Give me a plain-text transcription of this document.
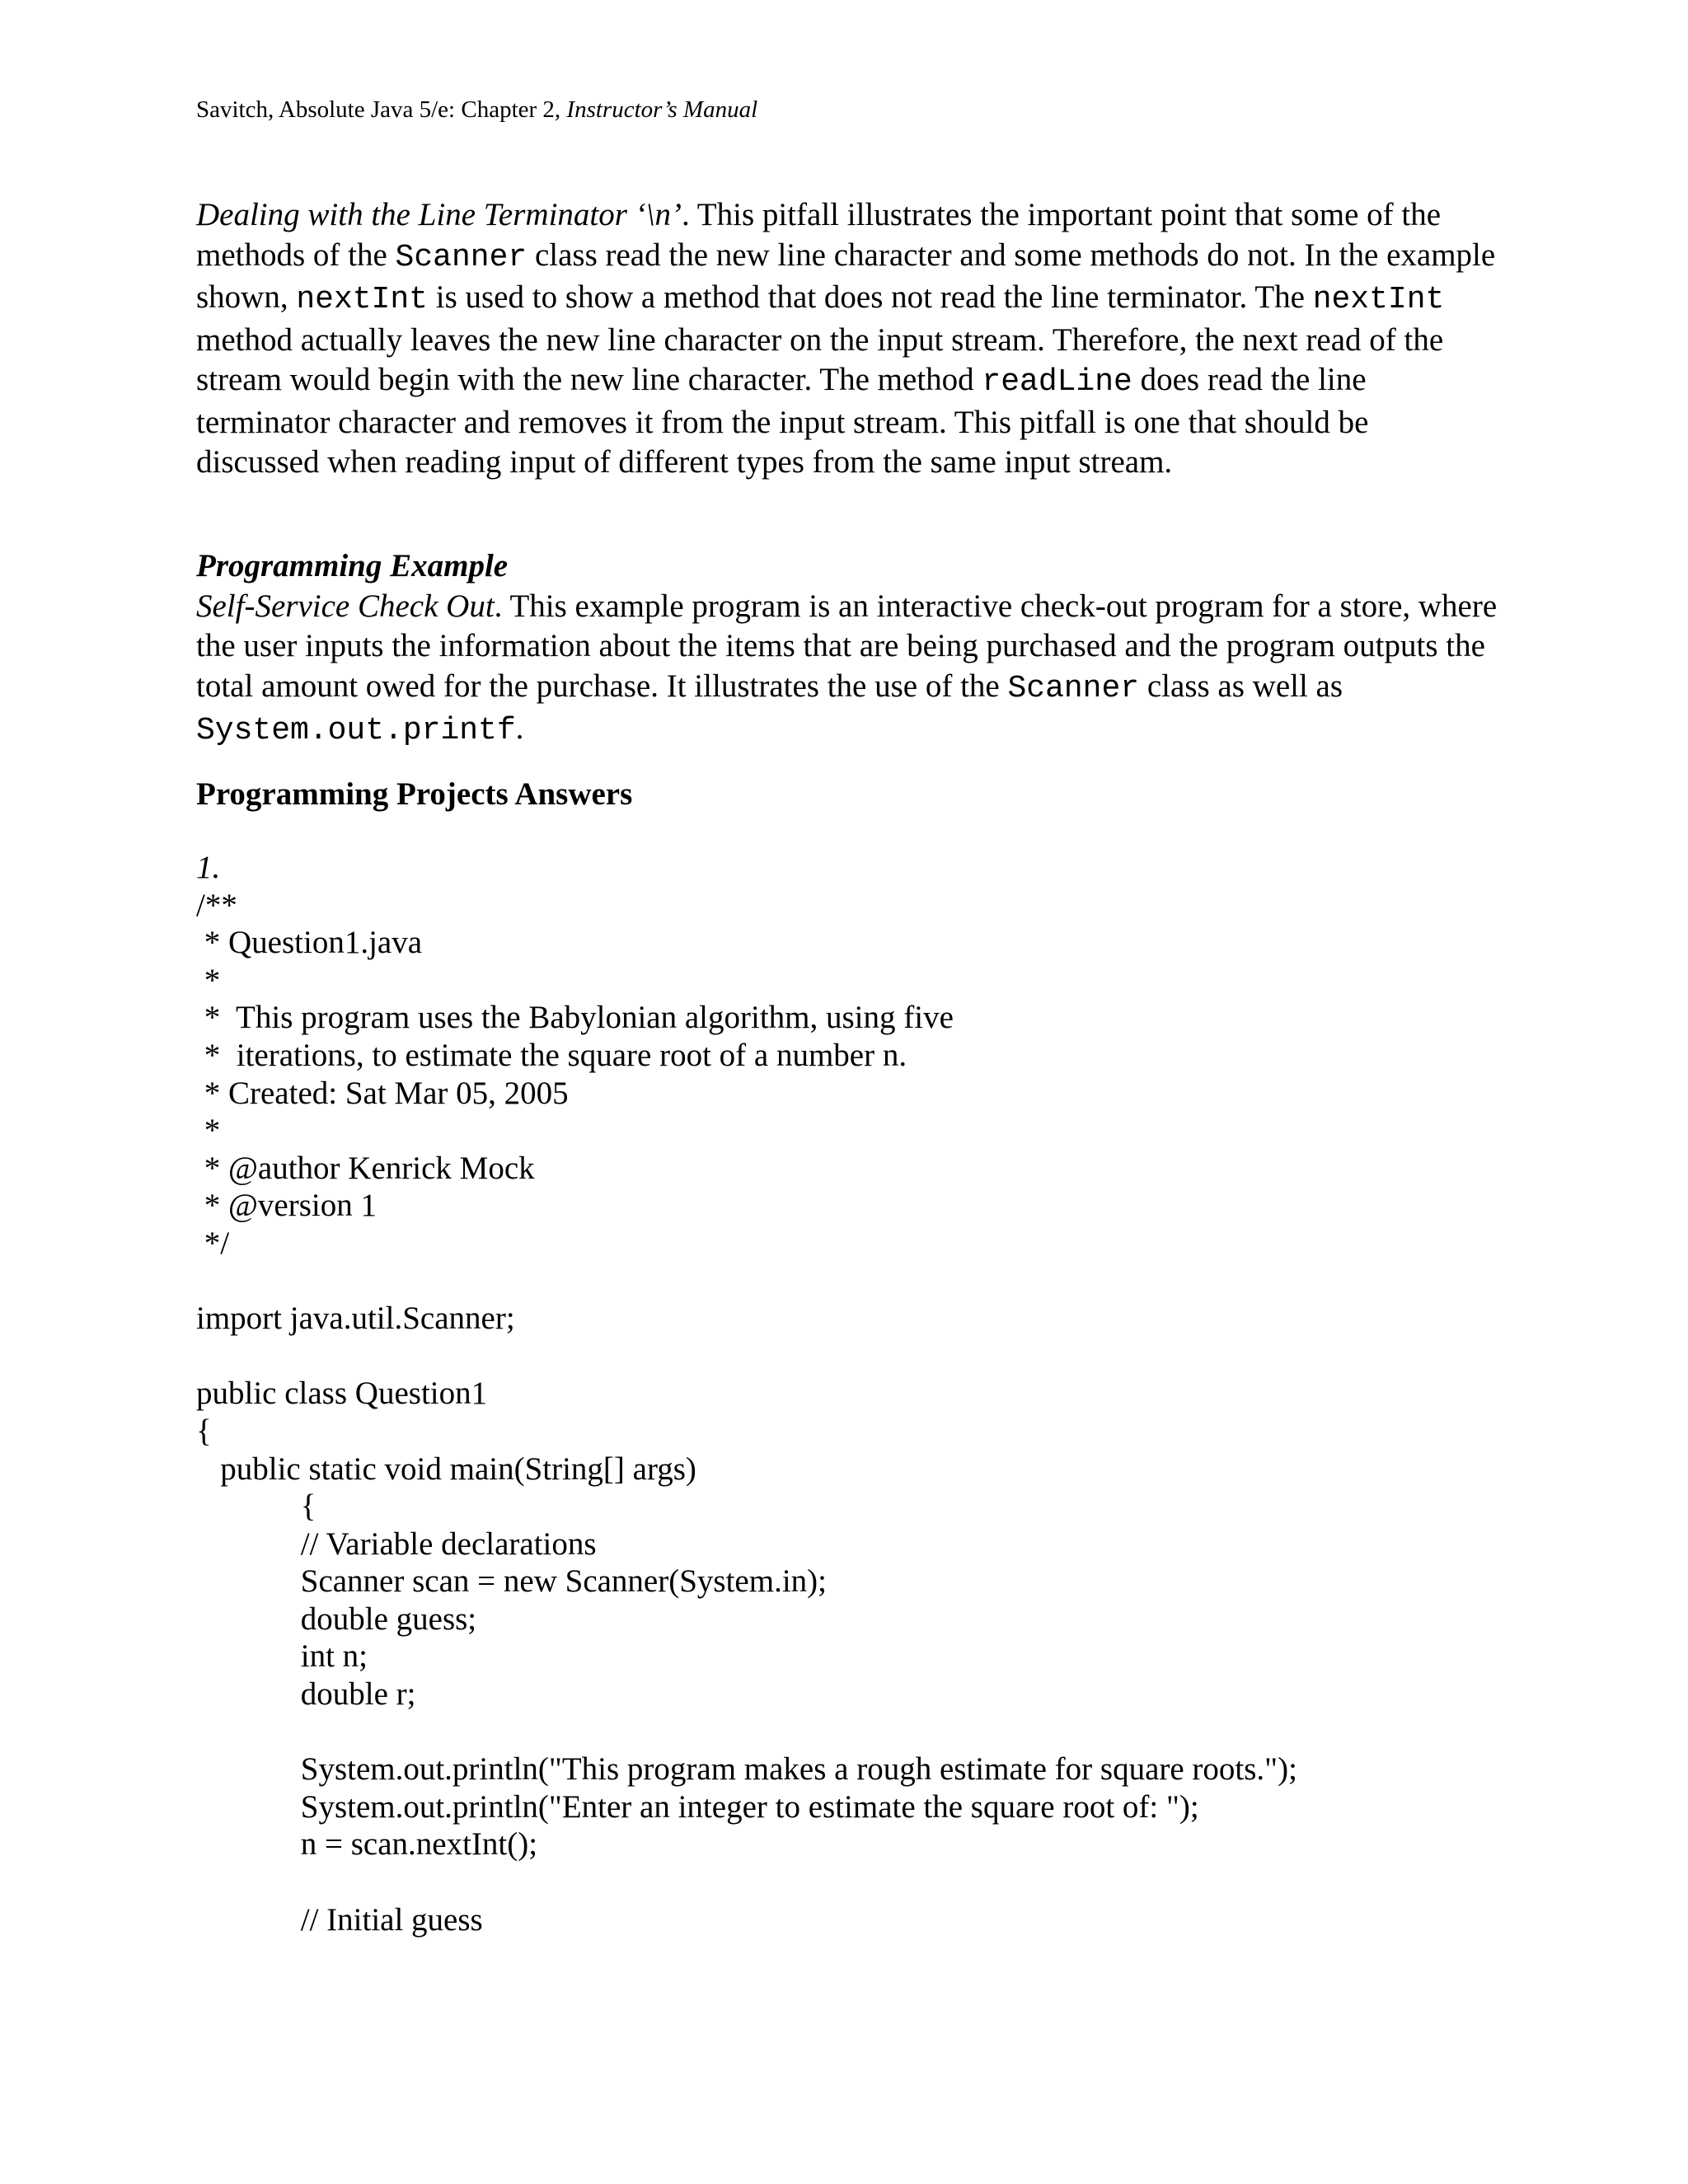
Savitch, Absolute Java 5/e: Chapter 2, Instructor’s Manual
Dealing with the Line Terminator ‘\n’. This pitfall illustrates the important point that some of the methods of the Scanner class read the new line character and some methods do not. In the example shown, nextInt is used to show a method that does not read the line terminator. The nextInt method actually leaves the new line character on the input stream. Therefore, the next read of the stream would begin with the new line character. The method readLine does read the line terminator character and removes it from the input stream. This pitfall is one that should be discussed when reading input of different types from the same input stream.
Programming Example
Self-Service Check Out. This example program is an interactive check-out program for a store, where the user inputs the information about the items that are being purchased and the program outputs the total amount owed for the purchase. It illustrates the use of the Scanner class as well as System.out.printf.
Programming Projects Answers
1.
/**
* Question1.java
*
*  This program uses the Babylonian algorithm, using five
*  iterations, to estimate the square root of a number n.
* Created: Sat Mar 05, 2005
*
* @author Kenrick Mock
* @version 1
*/
import java.util.Scanner;
public class Question1
{
public static void main(String[] args)
{
// Variable declarations
Scanner scan = new Scanner(System.in);
double guess;
int n;
double r;
System.out.println("This program makes a rough estimate for square roots.");
System.out.println("Enter an integer to estimate the square root of: ");
n = scan.nextInt();
// Initial guess
